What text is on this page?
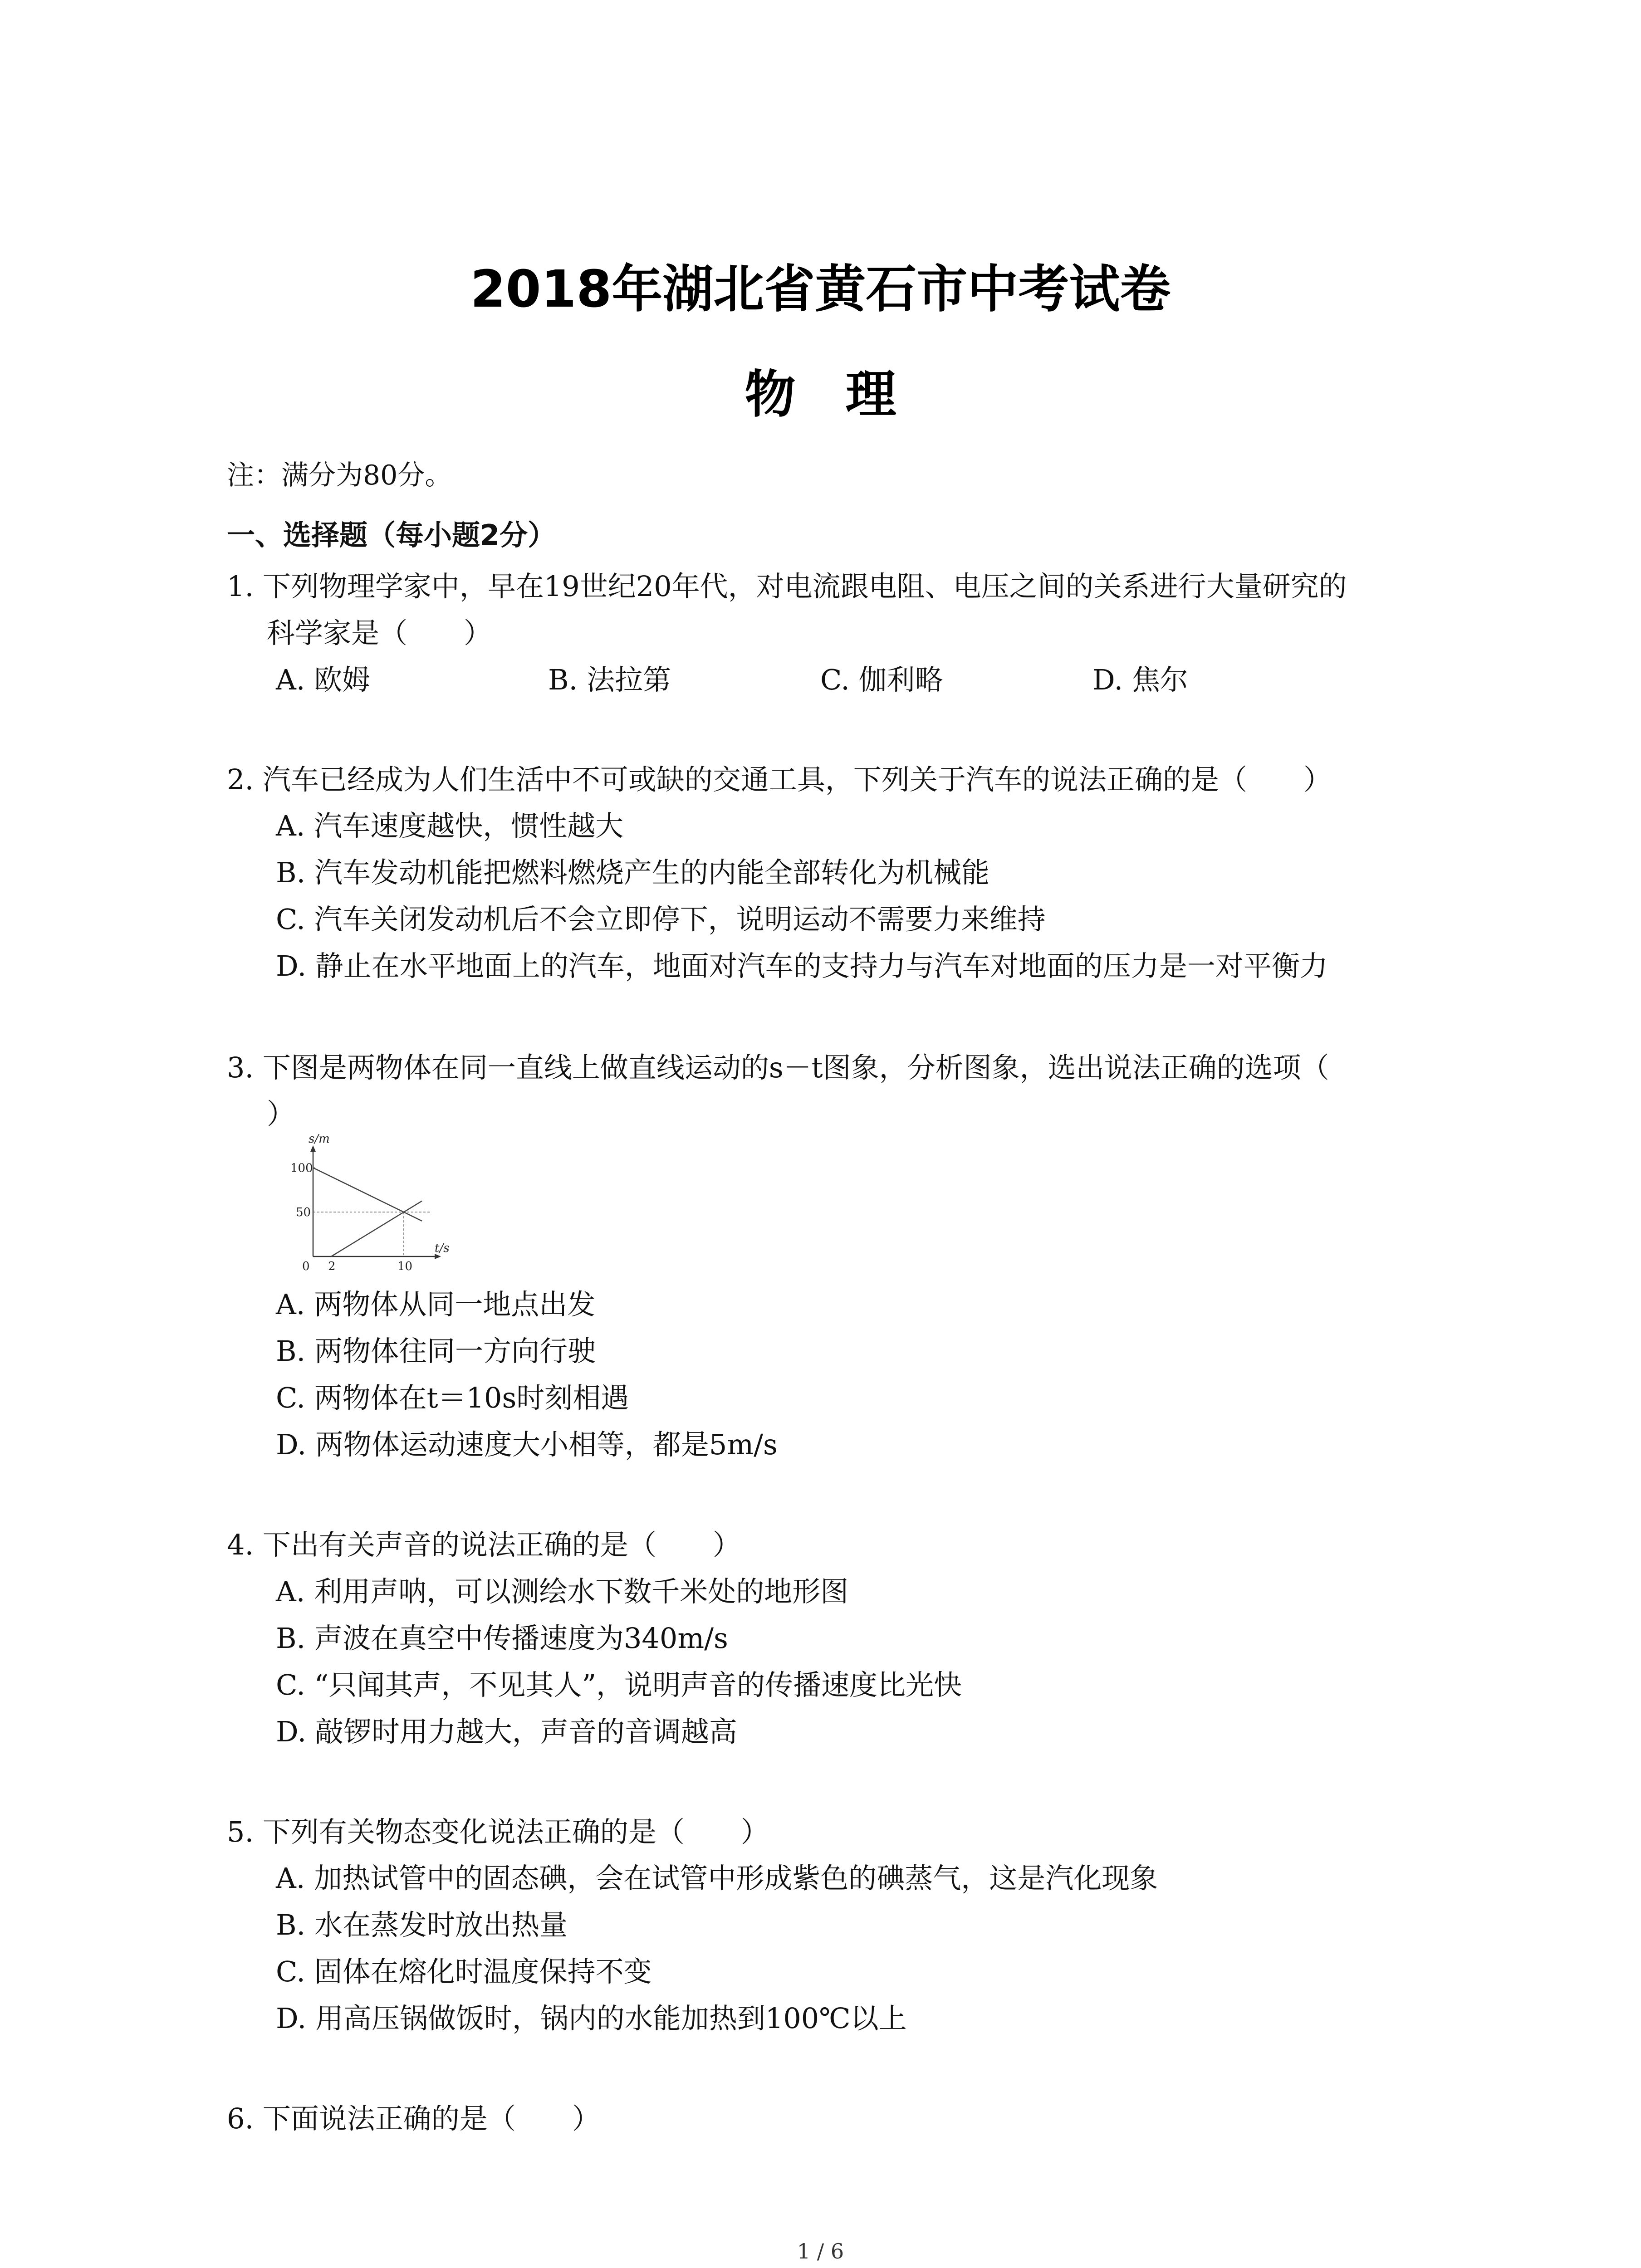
2018年湖北省黄石市中考试卷
物理
注：满分为80分。
一、选择题（每小题2分）
1. 下列物理学家中，早在19世纪20年代，对电流跟电阻、电压之间的关系进行大量研究的
科学家是（　　）
A. 欧姆	B. 法拉第	C. 伽利略	D. 焦尔
2. 汽车已经成为人们生活中不可或缺的交通工具，下列关于汽车的说法正确的是（　　）
A. 汽车速度越快，惯性越大
B. 汽车发动机能把燃料燃烧产生的内能全部转化为机械能
C. 汽车关闭发动机后不会立即停下，说明运动不需要力来维持
D. 静止在水平地面上的汽车，地面对汽车的支持力与汽车对地面的压力是一对平衡力
3. 下图是两物体在同一直线上做直线运动的s－t图象，分析图象，选出说法正确的选项（
）
s/m
t/s
100
50
0 2	10
A. 两物体从同一地点出发
B. 两物体往同一方向行驶
C. 两物体在t＝10s时刻相遇
D. 两物体运动速度大小相等，都是5m/s
4. 下出有关声音的说法正确的是（　　）
A. 利用声呐，可以测绘水下数千米处的地形图
B. 声波在真空中传播速度为340m/s
C. “只闻其声，不见其人”，说明声音的传播速度比光快
D. 敲锣时用力越大，声音的音调越高
5. 下列有关物态变化说法正确的是（　　）
A. 加热试管中的固态碘，会在试管中形成紫色的碘蒸气，这是汽化现象
B. 水在蒸发时放出热量
C. 固体在熔化时温度保持不变
D. 用高压锅做饭时，锅内的水能加热到100℃以上
6. 下面说法正确的是（　　）
1 / 6
